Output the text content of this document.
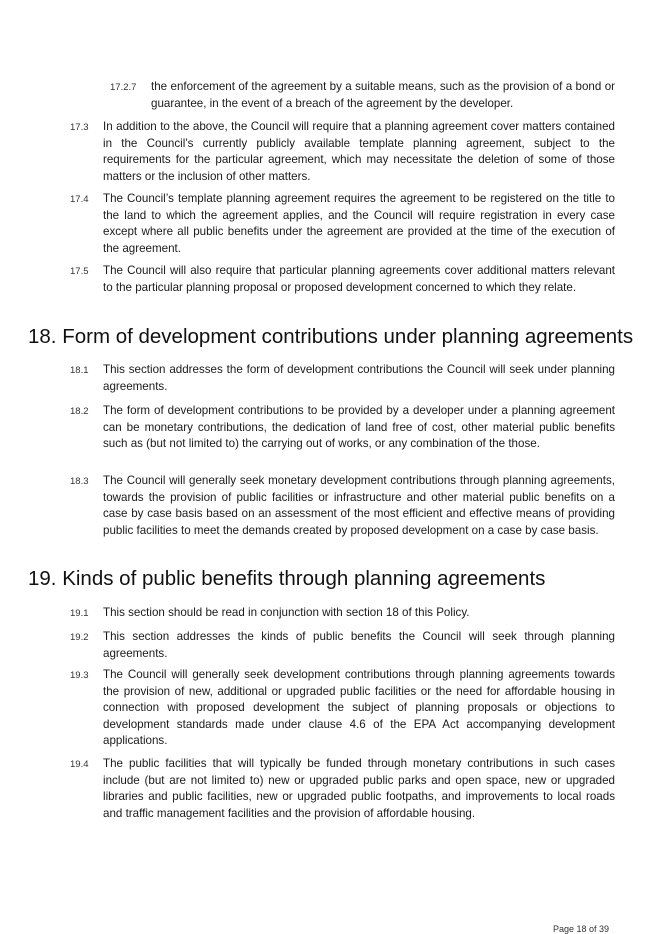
17.2.7 the enforcement of the agreement by a suitable means, such as the provision of a bond or guarantee, in the event of a breach of the agreement by the developer.
17.3 In addition to the above, the Council will require that a planning agreement cover matters contained in the Council’s currently publicly available template planning agreement, subject to the requirements for the particular agreement, which may necessitate the deletion of some of those matters or the inclusion of other matters.
17.4 The Council’s template planning agreement requires the agreement to be registered on the title to the land to which the agreement applies, and the Council will require registration in every case except where all public benefits under the agreement are provided at the time of the execution of the agreement.
17.5 The Council will also require that particular planning agreements cover additional matters relevant to the particular planning proposal or proposed development concerned to which they relate.
18. Form of development contributions under planning agreements
18.1 This section addresses the form of development contributions the Council will seek under planning agreements.
18.2 The form of development contributions to be provided by a developer under a planning agreement can be monetary contributions, the dedication of land free of cost, other material public benefits such as (but not limited to) the carrying out of works, or any combination of the those.
18.3 The Council will generally seek monetary development contributions through planning agreements, towards the provision of public facilities or infrastructure and other material public benefits on a case by case basis based on an assessment of the most efficient and effective means of providing public facilities to meet the demands created by proposed development on a case by case basis.
19. Kinds of public benefits through planning agreements
19.1 This section should be read in conjunction with section 18 of this Policy.
19.2 This section addresses the kinds of public benefits the Council will seek through planning agreements.
19.3 The Council will generally seek development contributions through planning agreements towards the provision of new, additional or upgraded public facilities or the need for affordable housing in connection with proposed development the subject of planning proposals or objections to development standards made under clause 4.6 of the EPA Act accompanying development applications.
19.4 The public facilities that will typically be funded through monetary contributions in such cases include (but are not limited to) new or upgraded public parks and open space, new or upgraded libraries and public facilities, new or upgraded public footpaths, and improvements to local roads and traffic management facilities and the provision of affordable housing.
Page 18 of 39
